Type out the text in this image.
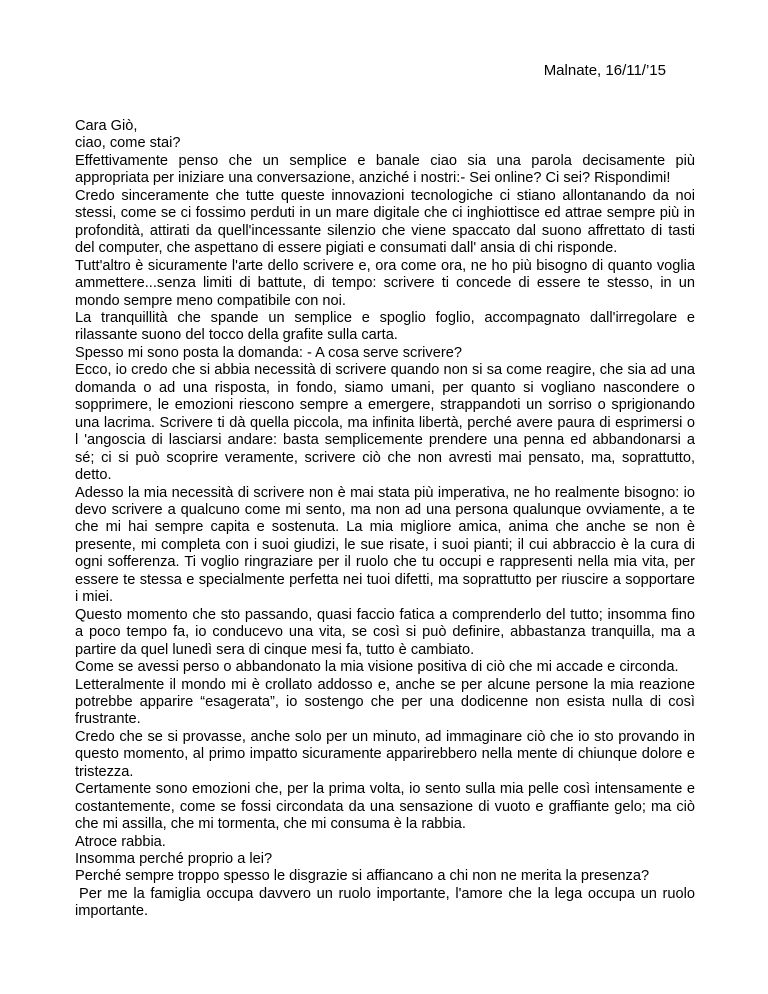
Malnate, 16/11/’15

Cara Giò,

ciao, come stai?

Effettivamente penso che un semplice e banale ciao sia una parola decisamente più appropriata per iniziare una conversazione, anziché i nostri:- Sei online? Ci sei? Rispondimi!

Credo sinceramente che tutte queste innovazioni tecnologiche ci stiano allontanando da noi stessi, come se ci fossimo perduti in un mare digitale che ci inghiottisce ed attrae sempre più in profondità, attirati da quell'incessante silenzio che viene spaccato dal suono affrettato di tasti del computer, che aspettano di essere pigiati e consumati dall' ansia di chi risponde.

Tutt'altro è sicuramente l'arte dello scrivere e, ora come ora, ne ho più bisogno di quanto voglia ammettere...senza limiti di battute, di tempo: scrivere ti concede di essere te stesso, in un mondo sempre meno compatibile con noi.

La tranquillità che spande un semplice e spoglio foglio, accompagnato dall'irregolare e rilassante suono del tocco della grafite sulla carta.

Spesso mi sono posta la domanda: - A cosa serve scrivere?

Ecco, io credo che si abbia necessità di scrivere quando non si sa come reagire, che sia ad una domanda o ad una risposta, in fondo, siamo umani, per quanto si vogliano nascondere o sopprimere, le emozioni riescono sempre a emergere, strappandoti un sorriso o sprigionando una lacrima. Scrivere ti dà quella piccola, ma infinita libertà, perché avere paura di esprimersi o l 'angoscia di lasciarsi andare: basta semplicemente prendere una penna ed abbandonarsi a sé; ci si può scoprire veramente, scrivere ciò che non avresti mai pensato, ma, soprattutto, detto.

Adesso la mia necessità di scrivere non è mai stata più imperativa, ne ho realmente bisogno: io devo scrivere a qualcuno come mi sento, ma non ad una persona qualunque ovviamente, a te che mi hai sempre capita e sostenuta. La mia migliore amica, anima che anche se non è presente, mi completa con i suoi giudizi, le sue risate, i suoi pianti; il cui abbraccio è la cura di ogni sofferenza. Ti voglio ringraziare per il ruolo che tu occupi e rappresenti nella mia vita, per essere te stessa e specialmente perfetta nei tuoi difetti, ma soprattutto per riuscire a sopportare i miei.

Questo momento che sto passando, quasi faccio fatica a comprenderlo del tutto; insomma fino a poco tempo fa, io conducevo una vita, se così si può definire, abbastanza tranquilla, ma a partire da quel lunedì sera di cinque mesi fa, tutto è cambiato.

Come se avessi perso o abbandonato la mia visione positiva di ciò che mi accade e circonda.

Letteralmente il mondo mi è crollato addosso e, anche se per alcune persone la mia reazione potrebbe apparire “esagerata”, io sostengo che per una dodicenne non esista nulla di così frustrante.

Credo che se si provasse, anche solo per un minuto, ad immaginare ciò che io sto provando in questo momento, al primo impatto sicuramente apparirebbero nella mente di chiunque dolore e tristezza.

Certamente sono emozioni che, per la prima volta, io sento sulla mia pelle così intensamente e costantemente, come se fossi circondata da una sensazione di vuoto e graffiante gelo; ma ciò che mi assilla, che mi tormenta, che mi consuma è la rabbia.

Atroce rabbia.

Insomma perché proprio a lei?

Perché sempre troppo spesso le disgrazie si affiancano a chi non ne merita la presenza?

Per me la famiglia occupa davvero un ruolo importante, l'amore che la lega occupa un ruolo importante.
